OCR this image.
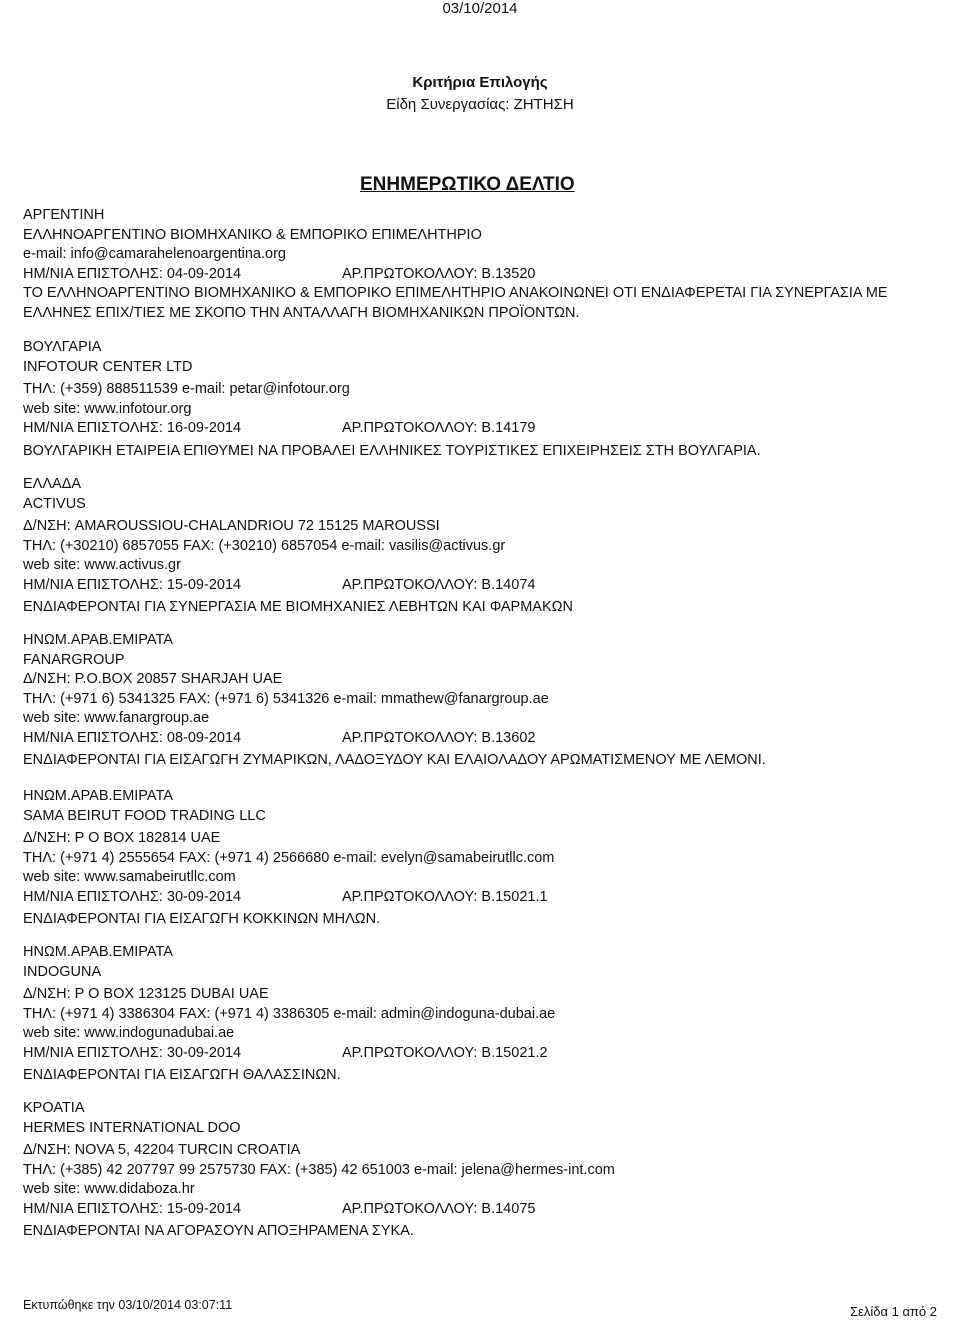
03/10/2014
Κριτήρια Επιλογής
Είδη Συνεργασίας: ΖΗΤΗΣΗ
ΕΝΗΜΕΡΩΤΙΚΟ ΔΕΛΤΙΟ
ΑΡΓΕΝΤΙΝΗ
ΕΛΛΗΝΟΑΡΓΕΝΤΙΝΟ ΒΙΟΜΗΧΑΝΙΚΟ & ΕΜΠΟΡΙΚΟ ΕΠΙΜΕΛΗΤΗΡΙΟ
e-mail: info@camarahelenoargentina.org
ΗΜ/ΝΙΑ ΕΠΙΣΤΟΛΗΣ: 04-09-2014	ΑΡ.ΠΡΩΤΟΚΟΛΛΟΥ: Β.13520
ΤΟ ΕΛΛΗΝΟΑΡΓΕΝΤΙΝΟ ΒΙΟΜΗΧΑΝΙΚΟ & ΕΜΠΟΡΙΚΟ ΕΠΙΜΕΛΗΤΗΡΙΟ ΑΝΑΚΟΙΝΩΝΕΙ ΟΤΙ ΕΝΔΙΑΦΕΡΕΤΑΙ ΓΙΑ ΣΥΝΕΡΓΑΣΙΑ ΜΕ ΕΛΛΗΝΕΣ ΕΠΙΧ/ΤΙΕΣ ΜΕ ΣΚΟΠΟ ΤΗΝ ΑΝΤΑΛΛΑΓΗ ΒΙΟΜΗΧΑΝΙΚΩΝ ΠΡΟΪΟΝΤΩΝ.
ΒΟΥΛΓΑΡΙΑ
INFOTOUR CENTER LTD
ΤΗΛ: (+359) 888511539 e-mail: petar@infotour.org
web site: www.infotour.org
ΗΜ/ΝΙΑ ΕΠΙΣΤΟΛΗΣ: 16-09-2014	ΑΡ.ΠΡΩΤΟΚΟΛΛΟΥ: Β.14179
ΒΟΥΛΓΑΡΙΚΗ ΕΤΑΙΡΕΙΑ ΕΠΙΘΥΜΕΙ ΝΑ ΠΡΟΒΑΛΕΙ ΕΛΛΗΝΙΚΕΣ ΤΟΥΡΙΣΤΙΚΕΣ ΕΠΙΧΕΙΡΗΣΕΙΣ ΣΤΗ ΒΟΥΛΓΑΡΙΑ.
ΕΛΛΑΔΑ
ACTIVUS
Δ/ΝΣΗ: AMAROUSSIOU-CHALANDRIOU 72 15125 MAROUSSI
ΤΗΛ: (+30210) 6857055 FAX: (+30210) 6857054 e-mail: vasilis@activus.gr
web site: www.activus.gr
ΗΜ/ΝΙΑ ΕΠΙΣΤΟΛΗΣ: 15-09-2014	ΑΡ.ΠΡΩΤΟΚΟΛΛΟΥ: Β.14074
ΕΝΔΙΑΦΕΡΟΝΤΑΙ ΓΙΑ ΣΥΝΕΡΓΑΣΙΑ ΜΕ ΒΙΟΜΗΧΑΝΙΕΣ ΛΕΒΗΤΩΝ ΚΑΙ ΦΑΡΜΑΚΩΝ
ΗΝΩΜ.ΑΡΑΒ.ΕΜΙΡΑΤΑ
FANARGROUP
Δ/ΝΣΗ: P.O.BOX 20857 SHARJAH UAE
ΤΗΛ: (+971 6) 5341325 FAX: (+971 6) 5341326 e-mail: mmathew@fanargroup.ae
web site: www.fanargroup.ae
ΗΜ/ΝΙΑ ΕΠΙΣΤΟΛΗΣ: 08-09-2014	ΑΡ.ΠΡΩΤΟΚΟΛΛΟΥ: Β.13602
ΕΝΔΙΑΦΕΡΟΝΤΑΙ ΓΙΑ ΕΙΣΑΓΩΓΗ ΖΥΜΑΡΙΚΩΝ, ΛΑΔΟΞΥΔΟΥ ΚΑΙ ΕΛΑΙΟΛΑΔΟΥ ΑΡΩΜΑΤΙΣΜΕΝΟΥ ΜΕ ΛΕΜΟΝΙ.
ΗΝΩΜ.ΑΡΑΒ.ΕΜΙΡΑΤΑ
SAMA BEIRUT FOOD TRADING LLC
Δ/ΝΣΗ: P O BOX 182814 UAE
ΤΗΛ: (+971 4) 2555654 FAX: (+971 4) 2566680 e-mail: evelyn@samabeirutllc.com
web site: www.samabeirutllc.com
ΗΜ/ΝΙΑ ΕΠΙΣΤΟΛΗΣ: 30-09-2014	ΑΡ.ΠΡΩΤΟΚΟΛΛΟΥ: Β.15021.1
ΕΝΔΙΑΦΕΡΟΝΤΑΙ ΓΙΑ ΕΙΣΑΓΩΓΗ ΚΟΚΚΙΝΩΝ ΜΗΛΩΝ.
ΗΝΩΜ.ΑΡΑΒ.ΕΜΙΡΑΤΑ
INDOGUNA
Δ/ΝΣΗ: P O BOX 123125 DUBAI UAE
ΤΗΛ: (+971 4) 3386304 FAX: (+971 4) 3386305 e-mail: admin@indoguna-dubai.ae
web site: www.indogunadubai.ae
ΗΜ/ΝΙΑ ΕΠΙΣΤΟΛΗΣ: 30-09-2014	ΑΡ.ΠΡΩΤΟΚΟΛΛΟΥ: Β.15021.2
ΕΝΔΙΑΦΕΡΟΝΤΑΙ ΓΙΑ ΕΙΣΑΓΩΓΗ ΘΑΛΑΣΣΙΝΩΝ.
ΚΡΟΑΤΙΑ
HERMES INTERNATIONAL DOO
Δ/ΝΣΗ: NOVA 5, 42204 TURCIN CROATIA
ΤΗΛ: (+385) 42 207797 99 2575730 FAX: (+385) 42 651003 e-mail: jelena@hermes-int.com
web site: www.didaboza.hr
ΗΜ/ΝΙΑ ΕΠΙΣΤΟΛΗΣ: 15-09-2014	ΑΡ.ΠΡΩΤΟΚΟΛΛΟΥ: Β.14075
ΕΝΔΙΑΦΕΡΟΝΤΑΙ ΝΑ ΑΓΟΡΑΣΟΥΝ ΑΠΟΞΗΡΑΜΕΝΑ ΣΥΚΑ.
Εκτυπώθηκε την 03/10/2014 03:07:11	Σελίδα 1 από 2
